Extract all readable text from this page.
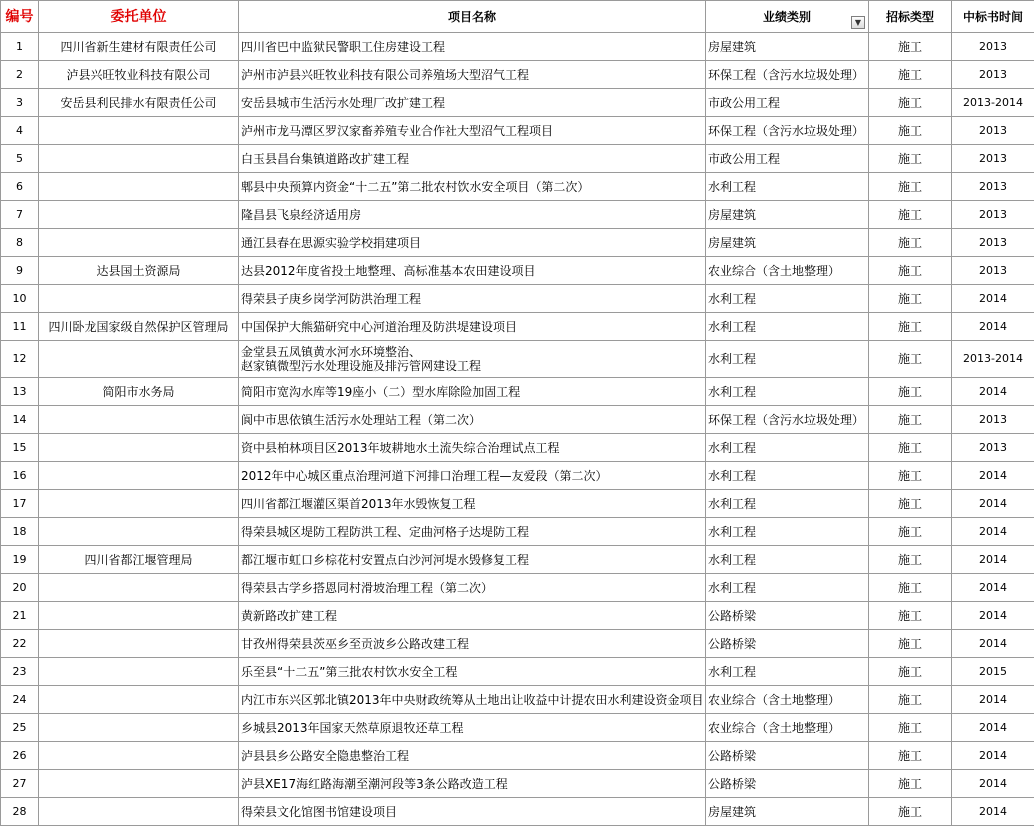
编号	委托单位	项目名称	业绩类别 ▼	招标类型	中标书时间
1	四川省新生建材有限责任公司	四川省巴中监狱民警职工住房建设工程	房屋建筑	施工	2013
2	泸县兴旺牧业科技有限公司	泸州市泸县兴旺牧业科技有限公司养殖场大型沼气工程	环保工程（含污水垃圾处理）	施工	2013
3	安岳县利民排水有限责任公司	安岳县城市生活污水处理厂改扩建工程	市政公用工程	施工	2013-2014
4		泸州市龙马潭区罗汉家畜养殖专业合作社大型沼气工程项目	环保工程（含污水垃圾处理）	施工	2013
5		白玉县昌台集镇道路改扩建工程	市政公用工程	施工	2013
6		郫县中央预算内资金“十二五”第二批农村饮水安全项目（第二次）	水利工程	施工	2013
7		隆昌县飞泉经济适用房	房屋建筑	施工	2013
8		通江县春在思源实验学校捐建项目	房屋建筑	施工	2013
9	达县国土资源局	达县2012年度省投土地整理、高标准基本农田建设项目	农业综合（含土地整理）	施工	2013
10		得荣县子庚乡岗学河防洪治理工程	水利工程	施工	2014
11	四川卧龙国家级自然保护区管理局	中国保护大熊猫研究中心河道治理及防洪堤建设项目	水利工程	施工	2014
12		金堂县五凤镇黄水河水环境整治、
赵家镇微型污水处理设施及排污管网建设工程	水利工程	施工	2013-2014
13	简阳市水务局	简阳市宽沟水库等19座小（二）型水库除险加固工程	水利工程	施工	2014
14		阆中市思依镇生活污水处理站工程（第二次）	环保工程（含污水垃圾处理）	施工	2013
15		资中县柏林项目区2013年坡耕地水土流失综合治理试点工程	水利工程	施工	2013
16		2012年中心城区重点治理河道下河排口治理工程—友爱段（第二次）	水利工程	施工	2014
17		四川省都江堰灌区渠首2013年水毁恢复工程	水利工程	施工	2014
18		得荣县城区堤防工程防洪工程、定曲河格子达堤防工程	水利工程	施工	2014
19	四川省都江堰管理局	都江堰市虹口乡棕花村安置点白沙河河堤水毁修复工程	水利工程	施工	2014
20		得荣县古学乡搭恩同村滑坡治理工程（第二次）	水利工程	施工	2014
21		黄新路改扩建工程	公路桥梁	施工	2014
22		甘孜州得荣县茨巫乡至贡波乡公路改建工程	公路桥梁	施工	2014
23		乐至县“十二五”第三批农村饮水安全工程	水利工程	施工	2015
24		内江市东兴区郭北镇2013年中央财政统筹从土地出让收益中计提农田水利建设资金项目	农业综合（含土地整理）	施工	2014
25		乡城县2013年国家天然草原退牧还草工程	农业综合（含土地整理）	施工	2014
26		泸县县乡公路安全隐患整治工程	公路桥梁	施工	2014
27		泸县XE17海红路海潮至潮河段等3条公路改造工程	公路桥梁	施工	2014
28		得荣县文化馆图书馆建设项目	房屋建筑	施工	2014
